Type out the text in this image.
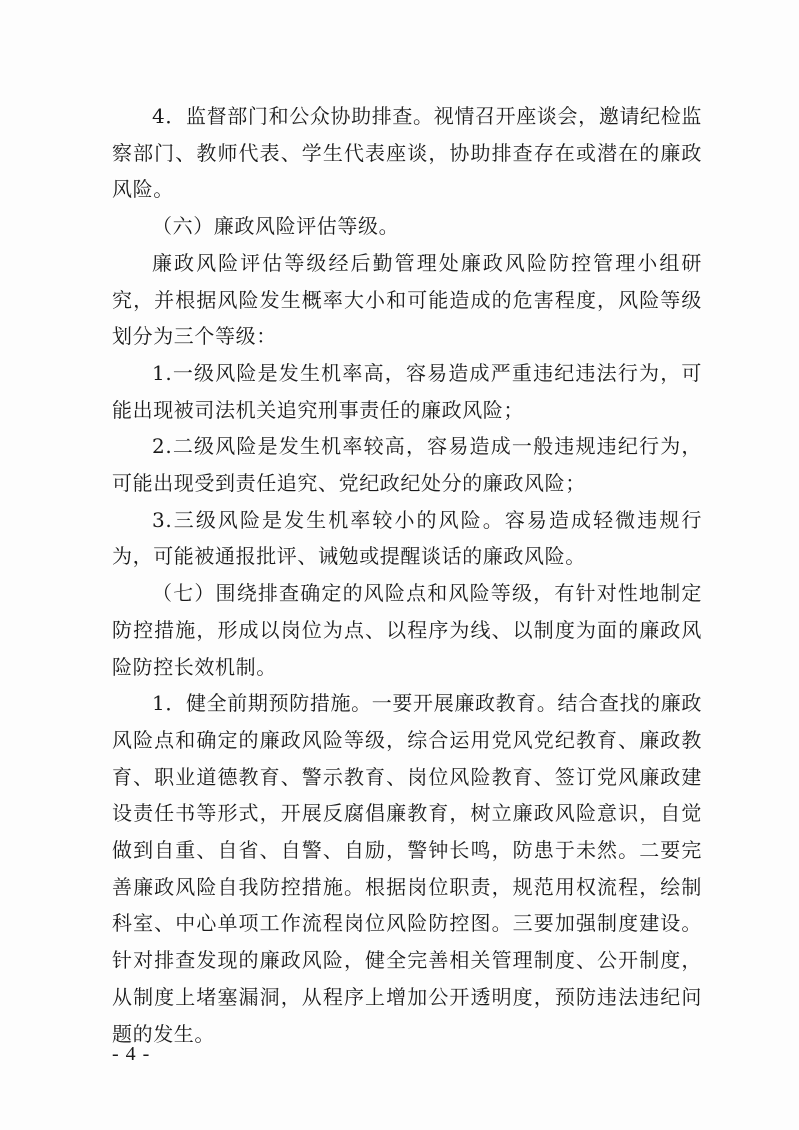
4．监督部门和公众协助排查。视情召开座谈会，邀请纪检监察部门、教师代表、学生代表座谈，协助排查存在或潜在的廉政风险。

（六）廉政风险评估等级。

廉政风险评估等级经后勤管理处廉政风险防控管理小组研究，并根据风险发生概率大小和可能造成的危害程度，风险等级划分为三个等级：

1.一级风险是发生机率高，容易造成严重违纪违法行为，可能出现被司法机关追究刑事责任的廉政风险；

2.二级风险是发生机率较高，容易造成一般违规违纪行为，可能出现受到责任追究、党纪政纪处分的廉政风险；

3.三级风险是发生机率较小的风险。容易造成轻微违规行为，可能被通报批评、诫勉或提醒谈话的廉政风险。

（七）围绕排查确定的风险点和风险等级，有针对性地制定防控措施，形成以岗位为点、以程序为线、以制度为面的廉政风险防控长效机制。

1．健全前期预防措施。一要开展廉政教育。结合查找的廉政风险点和确定的廉政风险等级，综合运用党风党纪教育、廉政教育、职业道德教育、警示教育、岗位风险教育、签订党风廉政建设责任书等形式，开展反腐倡廉教育，树立廉政风险意识，自觉做到自重、自省、自警、自励，警钟长鸣，防患于未然。二要完善廉政风险自我防控措施。根据岗位职责，规范用权流程，绘制科室、中心单项工作流程岗位风险防控图。三要加强制度建设。针对排查发现的廉政风险，健全完善相关管理制度、公开制度，从制度上堵塞漏洞，从程序上增加公开透明度，预防违法违纪问题的发生。

- 4 -
